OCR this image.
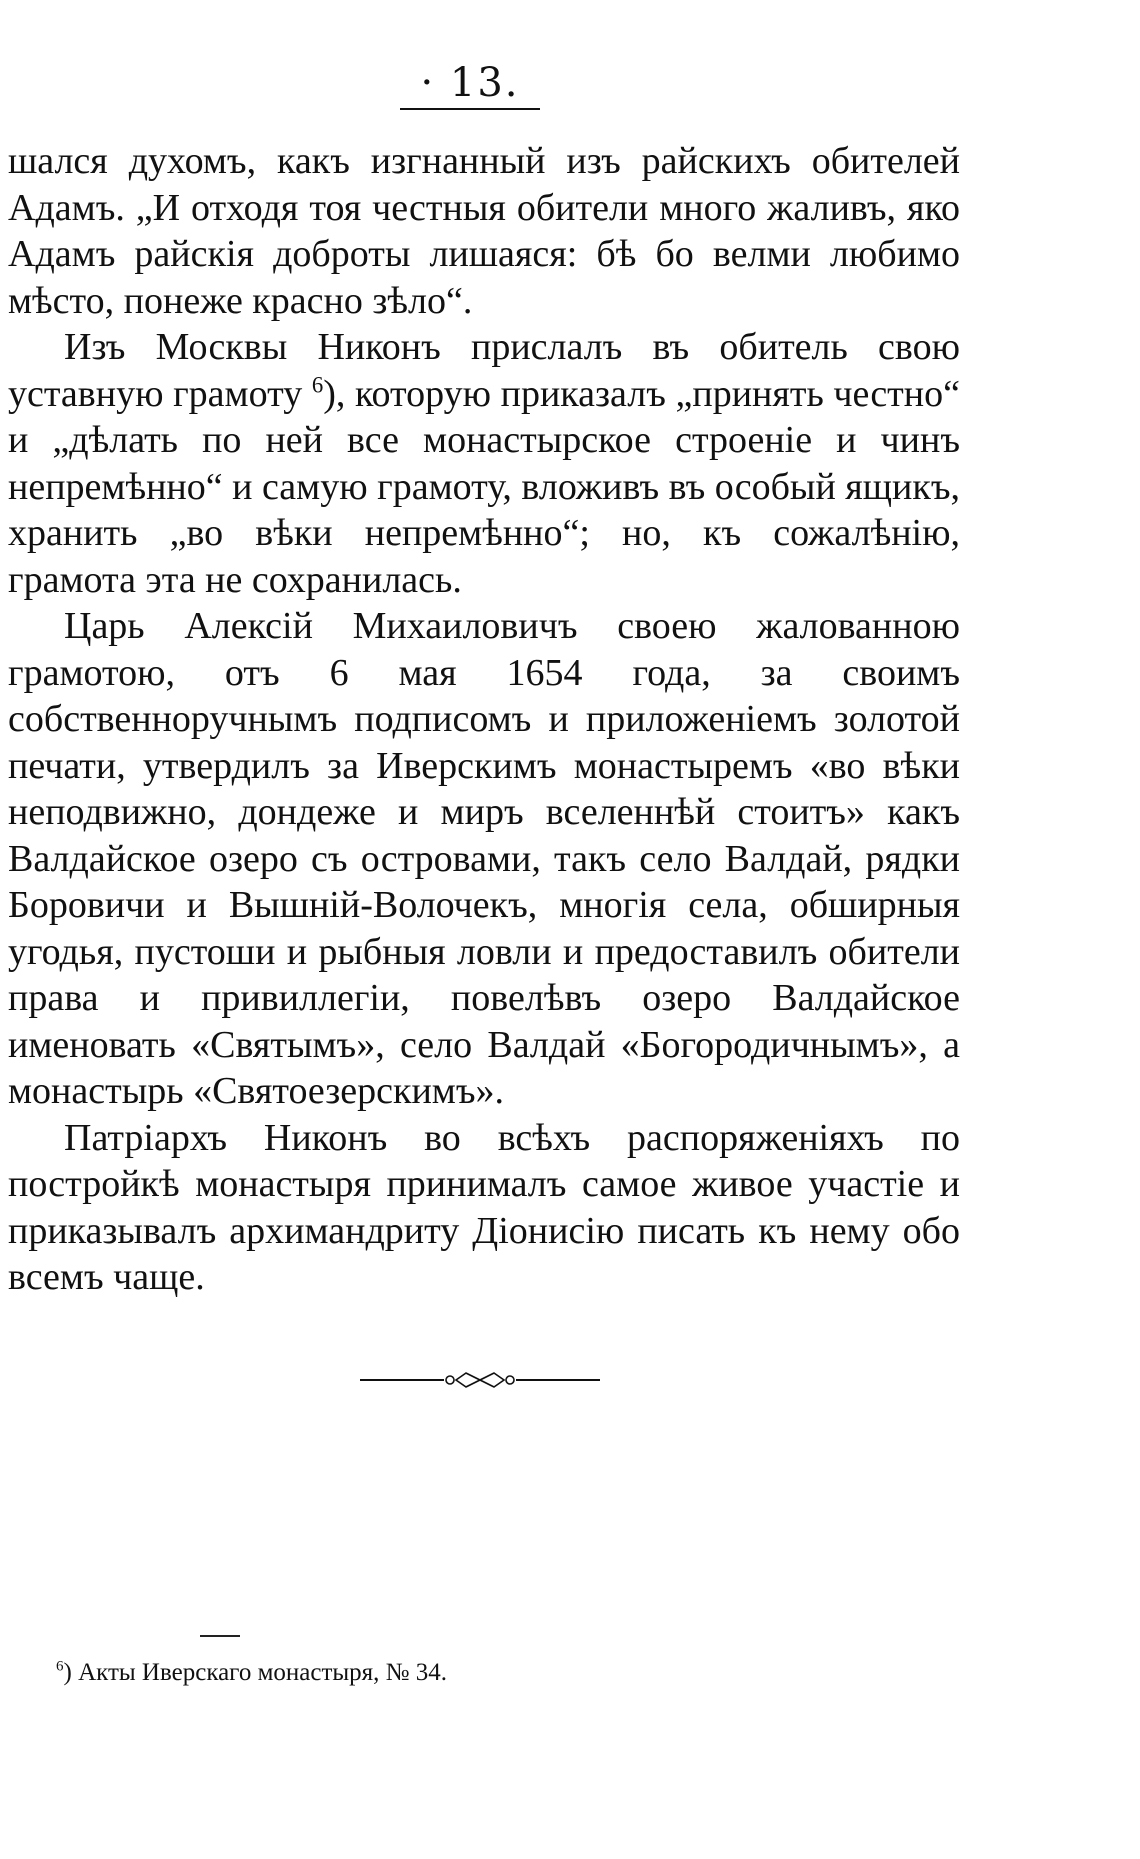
· 13.

шался духомъ, какъ изгнанный изъ райскихъ обителей Адамъ. „И отходя тоя честныя обители много жаливъ, яко Адамъ райскія доброты лишаяся: бѣ бо велми любимо мѣсто, понеже красно зѣло“.

Изъ Москвы Никонъ прислалъ въ обитель свою уставную грамоту $^6$), которую приказалъ „принять честно“ и „дѣлать по ней все монастырское строеніе и чинъ непремѣнно“ и самую грамоту, вложивъ въ особый ящикъ, хранить „во вѣки непремѣнно“; но, къ сожалѣнію, грамота эта не сохранилась.

Царь Алексій Михаиловичъ своею жалованною грамотою, отъ 6 мая 1654 года, за своимъ собственноручнымъ подписомъ и приложеніемъ золотой печати, утвердилъ за Иверскимъ монастыремъ «во вѣки неподвижно, дондеже и миръ вселеннѣй стоитъ» какъ Валдайское озеро съ островами, такъ село Валдай, рядки Боровичи и Вышній-Волочекъ, многія села, обширныя угодья, пустоши и рыбныя ловли и предоставилъ обители права и привиллегіи, повелѣвъ озеро Валдайское именовать «Святымъ», село Валдай «Богородичнымъ», а монастырь «Святоезерскимъ».

Патріархъ Никонъ во всѣхъ распоряженіяхъ по постройкѣ монастыря принималъ самое живое участіе и приказывалъ архимандриту Діонисію писать къ нему обо всемъ чаще.

$^6$) Акты Иверскаго монастыря, № 34.
